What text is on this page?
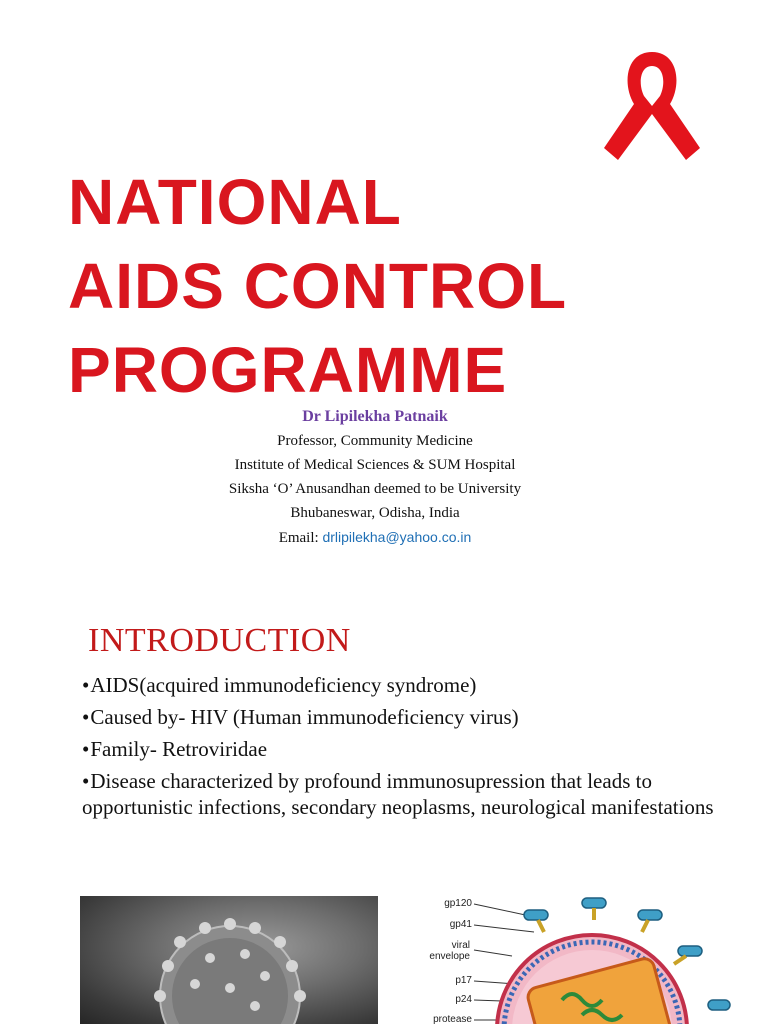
NATIONAL
AIDS CONTROL
PROGRAMME
Dr Lipilekha Patnaik
Professor, Community Medicine
Institute of Medical Sciences & SUM Hospital
Siksha ‘O’ Anusandhan deemed to be University
Bhubaneswar, Odisha, India
Email: drlipilekha@yahoo.co.in
INTRODUCTION
• AIDS(acquired immunodeficiency syndrome)
• Caused by- HIV (Human immunodeficiency virus)
• Family- Retroviridae
• Disease characterized by profound immunosupression that leads to opportunistic infections, secondary neoplasms, neurological manifestations
gp120
gp41
viral envelope
p17
p24
protease
